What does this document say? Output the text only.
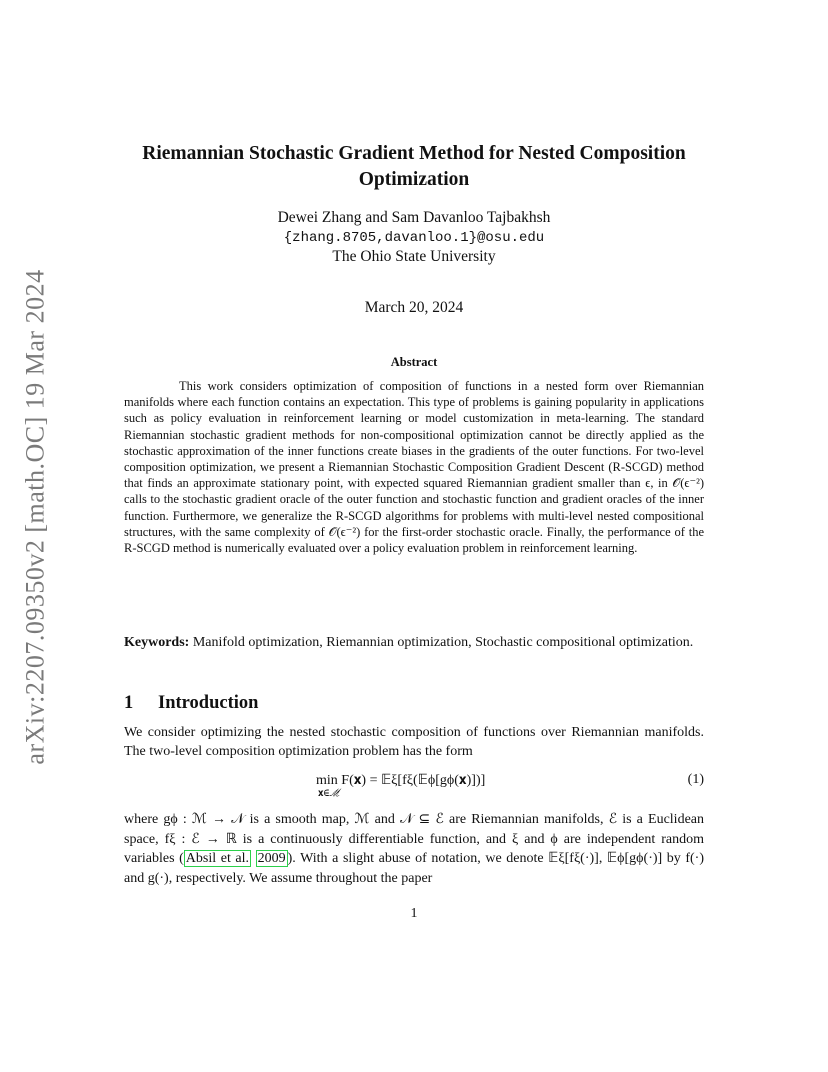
arXiv:2207.09350v2 [math.OC] 19 Mar 2024
Riemannian Stochastic Gradient Method for Nested Composition Optimization
Dewei Zhang and Sam Davanloo Tajbakhsh
{zhang.8705,davanloo.1}@osu.edu
The Ohio State University
March 20, 2024
Abstract

This work considers optimization of composition of functions in a nested form over Riemannian manifolds where each function contains an expectation. This type of problems is gaining popularity in applications such as policy evaluation in reinforcement learning or model customization in meta-learning. The standard Riemannian stochastic gradient methods for non-compositional optimization cannot be directly applied as the stochastic approximation of the inner functions create biases in the gradients of the outer functions. For two-level composition optimization, we present a Riemannian Stochastic Composition Gradient Descent (R-SCGD) method that finds an approximate stationary point, with expected squared Riemannian gradient smaller than ϵ, in 𝒪(ϵ⁻²) calls to the stochastic gradient oracle of the outer function and stochastic function and gradient oracles of the inner function. Furthermore, we generalize the R-SCGD algorithms for problems with multi-level nested compositional structures, with the same complexity of 𝒪(ϵ⁻²) for the first-order stochastic oracle. Finally, the performance of the R-SCGD method is numerically evaluated over a policy evaluation problem in reinforcement learning.

Keywords: Manifold optimization, Riemannian optimization, Stochastic compositional optimization.
1 Introduction
We consider optimizing the nested stochastic composition of functions over Riemannian manifolds. The two-level composition optimization problem has the form
min F(𝐱) = 𝔼ξ[fξ(𝔼ϕ[gϕ(𝐱)])]
𝐱∈ℳ
(1)
where gϕ : ℳ → 𝒩 is a smooth map, ℳ and 𝒩 ⊆ ℰ are Riemannian manifolds, ℰ is a Euclidean space, fξ : ℰ → ℝ is a continuously differentiable function, and ξ and ϕ are independent random variables ( Absil et al. 2009 ). With a slight abuse of notation, we denote 𝔼ξ[fξ(·)], 𝔼ϕ[gϕ(·)] by f(·) and g(·), respectively. We assume throughout the paper
1
